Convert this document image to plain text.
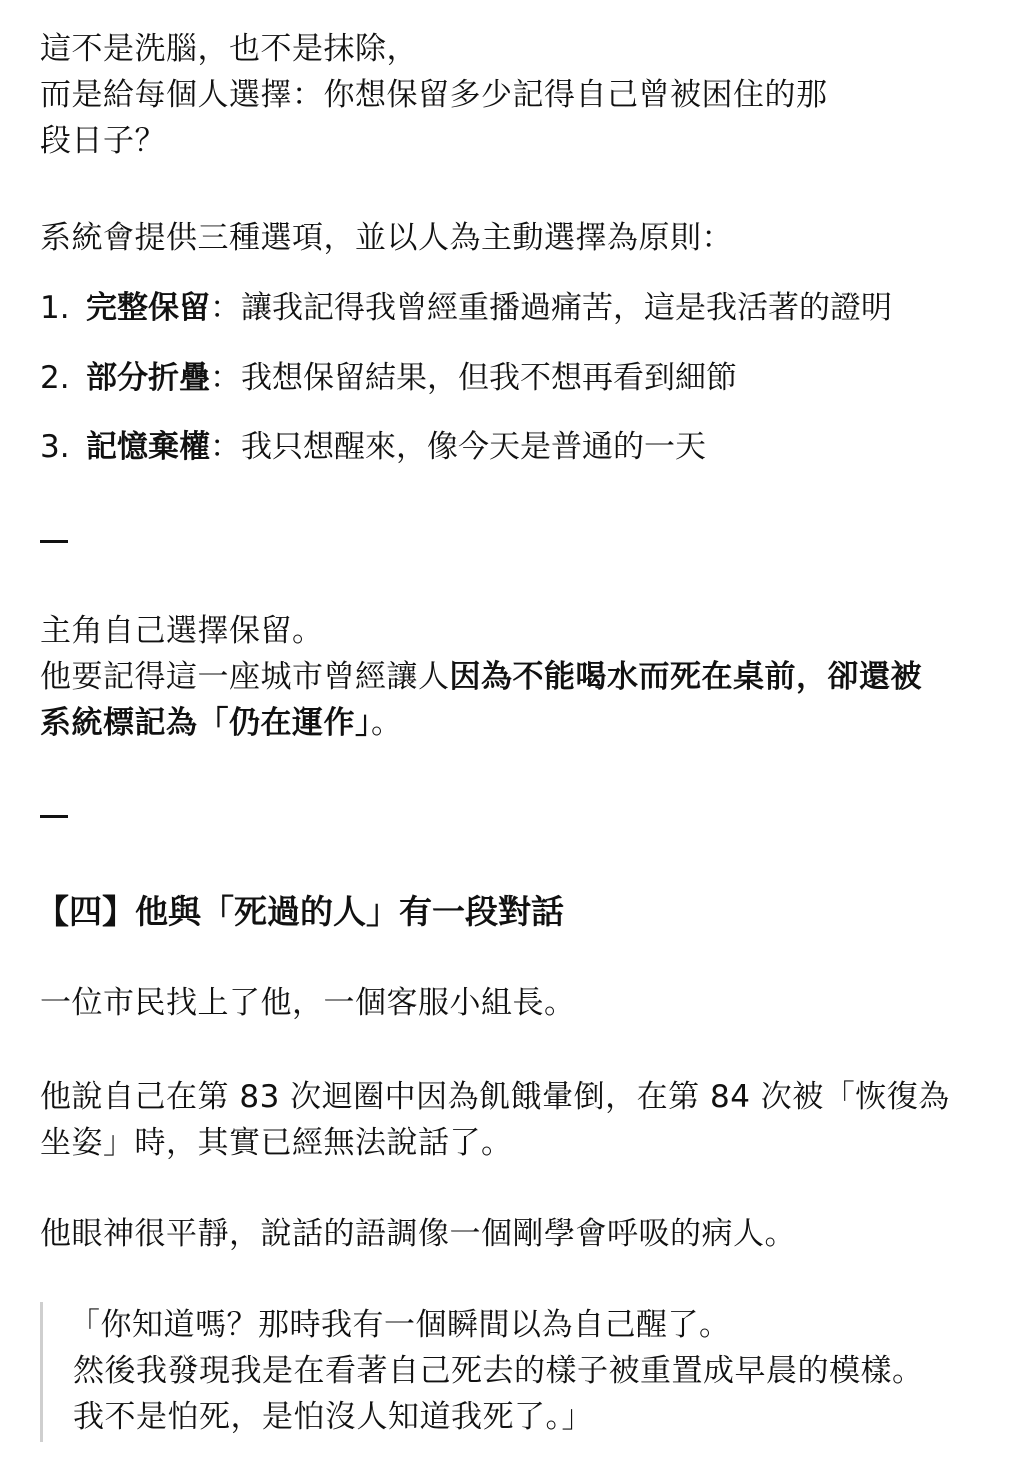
這不是洗腦，也不是抹除，
而是給每個人選擇：你想保留多少記得自己曾被困住的那
段日子？
系統會提供三種選項，並以人為主動選擇為原則：
1. 完整保留：讓我記得我曾經重播過痛苦，這是我活著的證明
2. 部分折疊：我想保留結果，但我不想再看到細節
3. 記憶棄權：我只想醒來，像今天是普通的一天
主角自己選擇保留。
他要記得這一座城市曾經讓人因為不能喝水而死在桌前，卻還被
系統標記為「仍在運作」。
【四】他與「死過的人」有一段對話
一位市民找上了他，一個客服小組長。
他說自己在第 83 次迴圈中因為飢餓暈倒，在第 84 次被「恢復為
坐姿」時，其實已經無法說話了。
他眼神很平靜，說話的語調像一個剛學會呼吸的病人。
「你知道嗎？那時我有一個瞬間以為自己醒了。
然後我發現我是在看著自己死去的樣子被重置成早晨的模樣。
我不是怕死，是怕沒人知道我死了。」
